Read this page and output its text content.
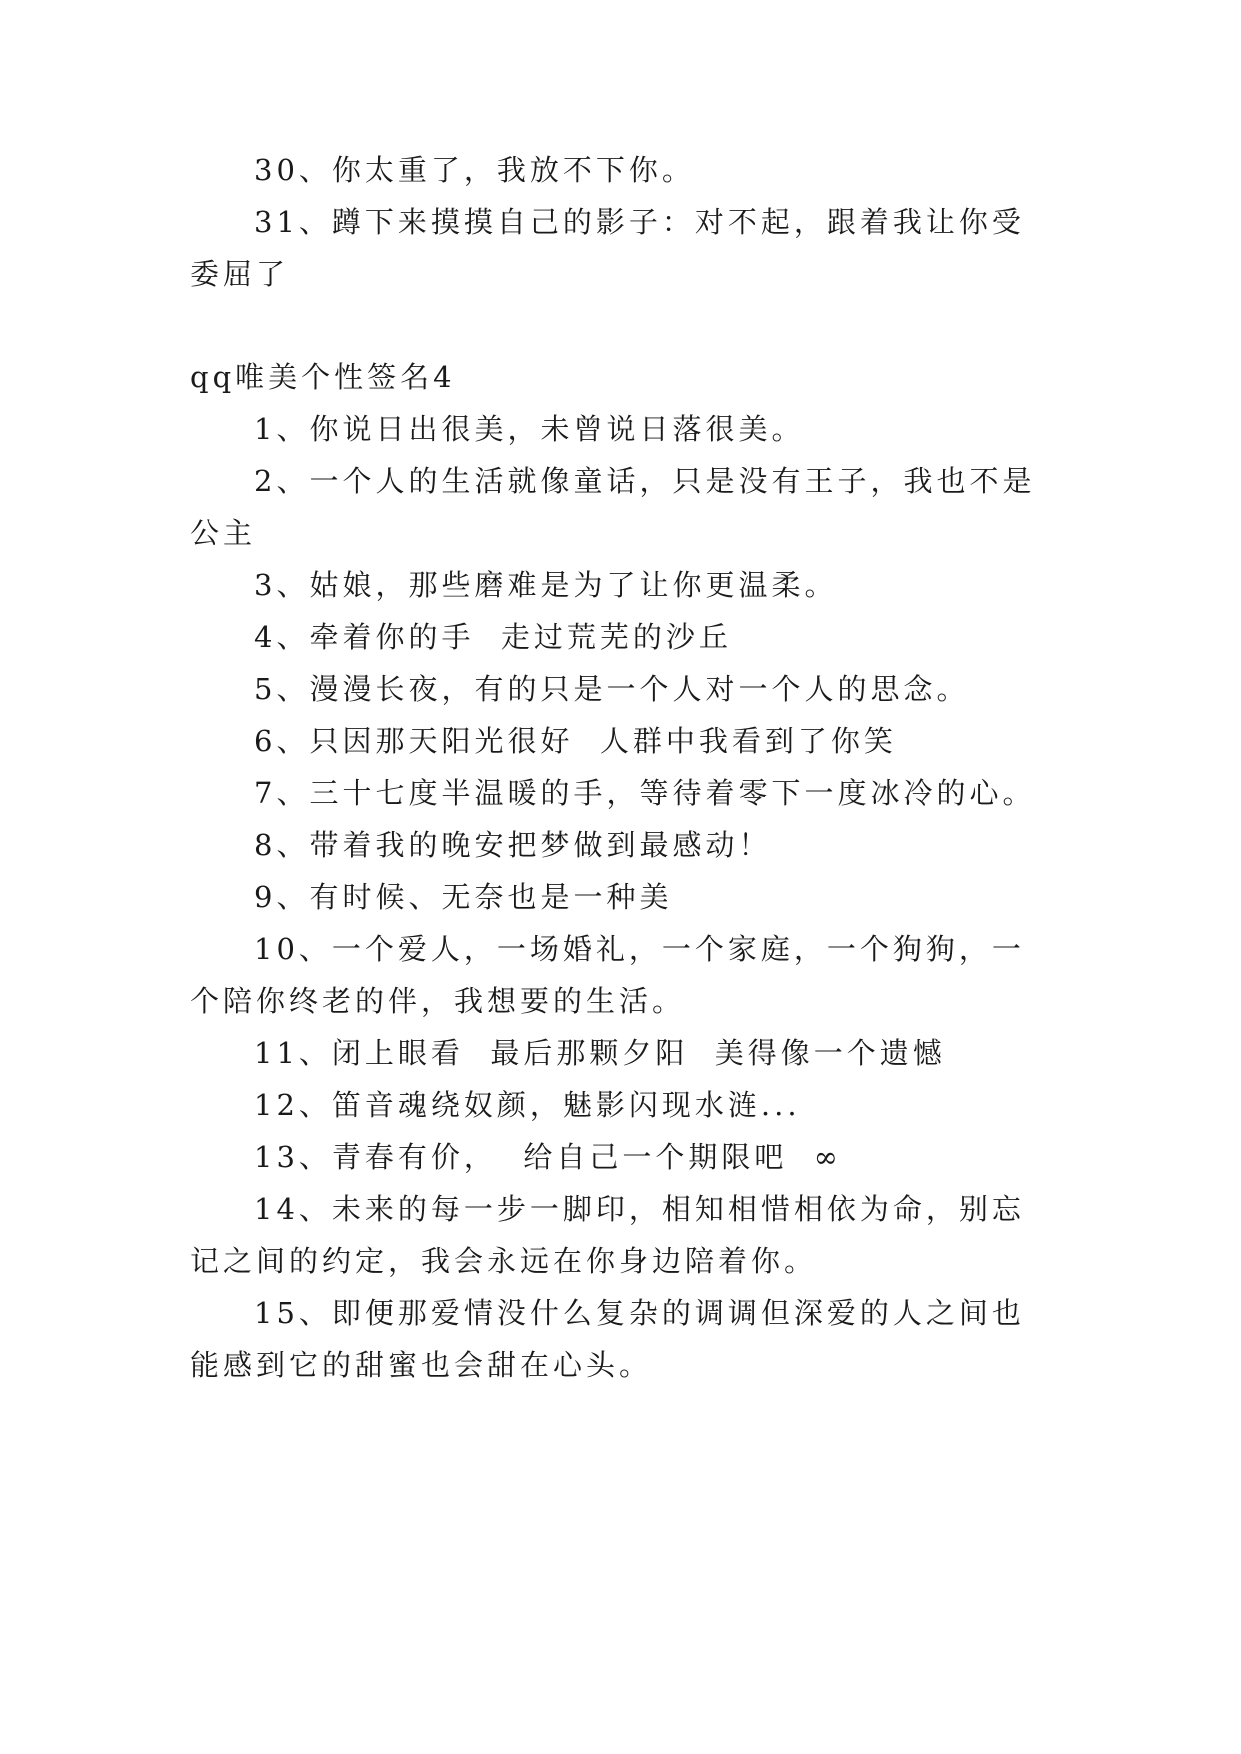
30、你太重了，我放不下你。

31、蹲下来摸摸自己的影子：对不起，跟着我让你受委屈了

qq唯美个性签名4

1、你说日出很美，未曾说日落很美。

2、一个人的生活就像童话，只是没有王子，我也不是公主

3、姑娘，那些磨难是为了让你更温柔。

4、牵着你的手  走过荒芜的沙丘

5、漫漫长夜，有的只是一个人对一个人的思念。

6、只因那天阳光很好  人群中我看到了你笑

7、三十七度半温暖的手，等待着零下一度冰冷的心。

8、带着我的晚安把梦做到最感动！

9、有时候、无奈也是一种美

10、一个爱人，一场婚礼，一个家庭，一个狗狗，一个陪你终老的伴，我想要的生活。

11、闭上眼看  最后那颗夕阳  美得像一个遗憾

12、笛音魂绕奴颜，魅影闪现水涟...

13、青春有价，  给自己一个期限吧  ∞

14、未来的每一步一脚印，相知相惜相依为命，别忘记之间的约定，我会永远在你身边陪着你。

15、即便那爱情没什么复杂的调调但深爱的人之间也能感到它的甜蜜也会甜在心头。
